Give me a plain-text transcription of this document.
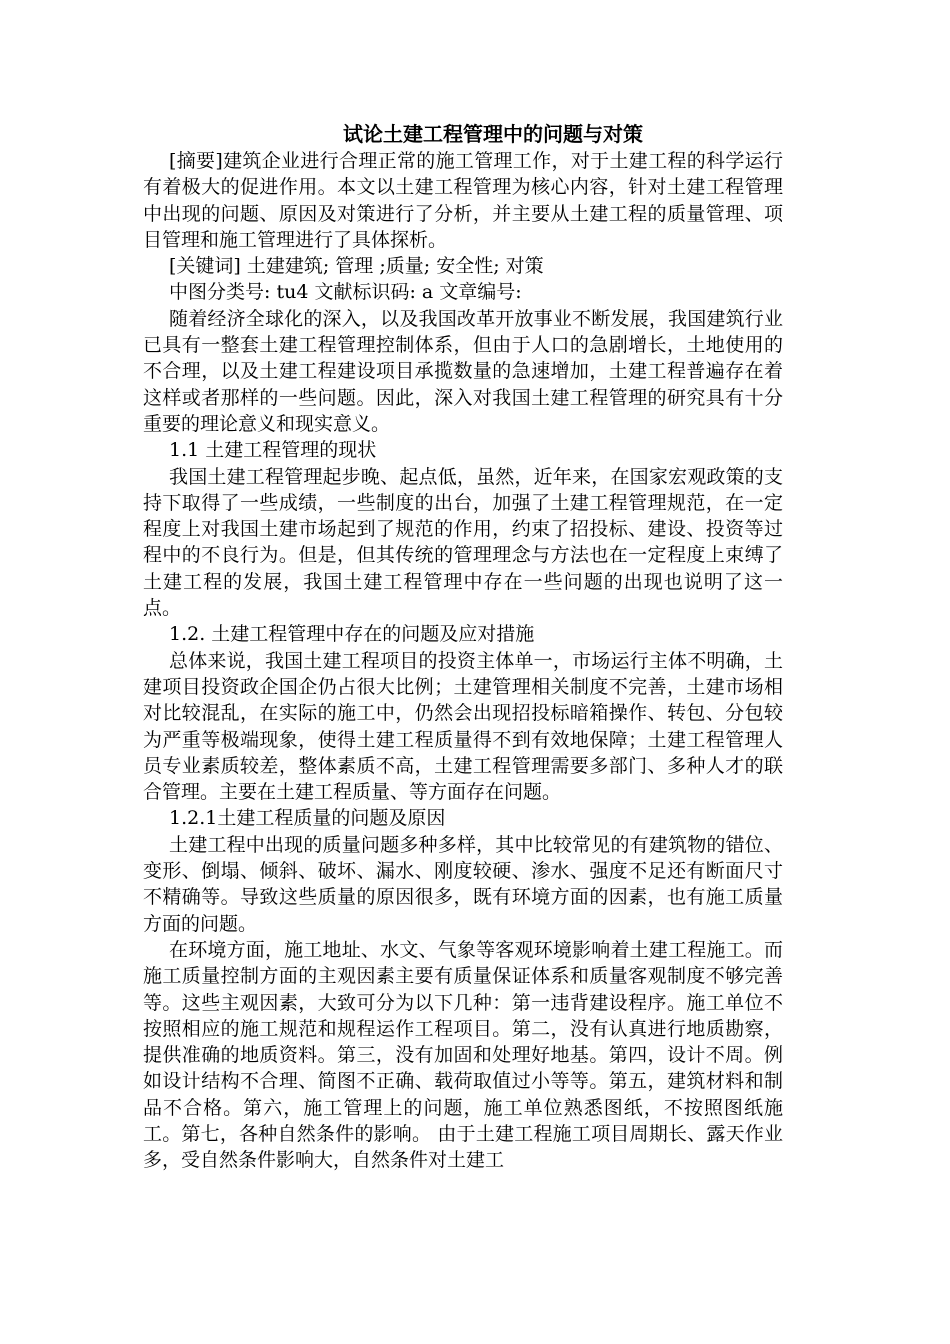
试论土建工程管理中的问题与对策

[摘要]建筑企业进行合理正常的施工管理工作，对于土建工程的科学运行有着极大的促进作用。本文以土建工程管理为核心内容，针对土建工程管理中出现的问题、原因及对策进行了分析，并主要从土建工程的质量管理、项目管理和施工管理进行了具体探析。

[关键词] 土建建筑; 管理 ;质量; 安全性; 对策

中图分类号: tu4 文献标识码: a 文章编号:

随着经济全球化的深入，以及我国改革开放事业不断发展，我国建筑行业已具有一整套土建工程管理控制体系，但由于人口的急剧增长，土地使用的不合理，以及土建工程建设项目承揽数量的急速增加，土建工程普遍存在着这样或者那样的一些问题。因此，深入对我国土建工程管理的研究具有十分重要的理论意义和现实意义。

1.1 土建工程管理的现状

我国土建工程管理起步晚、起点低，虽然，近年来，在国家宏观政策的支持下取得了一些成绩，一些制度的出台，加强了土建工程管理规范，在一定程度上对我国土建市场起到了规范的作用，约束了招投标、建设、投资等过程中的不良行为。但是，但其传统的管理理念与方法也在一定程度上束缚了土建工程的发展，我国土建工程管理中存在一些问题的出现也说明了这一点。

1.2. 土建工程管理中存在的问题及应对措施

总体来说，我国土建工程项目的投资主体单一，市场运行主体不明确，土建项目投资政企国企仍占很大比例；土建管理相关制度不完善，土建市场相对比较混乱，在实际的施工中，仍然会出现招投标暗箱操作、转包、分包较为严重等极端现象，使得土建工程质量得不到有效地保障；土建工程管理人员专业素质较差，整体素质不高，土建工程管理需要多部门、多种人才的联合管理。主要在土建工程质量、等方面存在问题。

1.2.1土建工程质量的问题及原因

土建工程中出现的质量问题多种多样，其中比较常见的有建筑物的错位、变形、倒塌、倾斜、破坏、漏水、刚度较硬、渗水、强度不足还有断面尺寸不精确等。导致这些质量的原因很多，既有环境方面的因素，也有施工质量方面的问题。

在环境方面，施工地址、水文、气象等客观环境影响着土建工程施工。而施工质量控制方面的主观因素主要有质量保证体系和质量客观制度不够完善等。这些主观因素，大致可分为以下几种：第一违背建设程序。施工单位不按照相应的施工规范和规程运作工程项目。第二，没有认真进行地质勘察，提供准确的地质资料。第三，没有加固和处理好地基。第四，设计不周。例如设计结构不合理、简图不正确、载荷取值过小等等。第五，建筑材料和制品不合格。第六，施工管理上的问题，施工单位熟悉图纸，不按照图纸施工。第七，各种自然条件的影响。 由于土建工程施工项目周期长、露天作业多，受自然条件影响大，自然条件对土建工
